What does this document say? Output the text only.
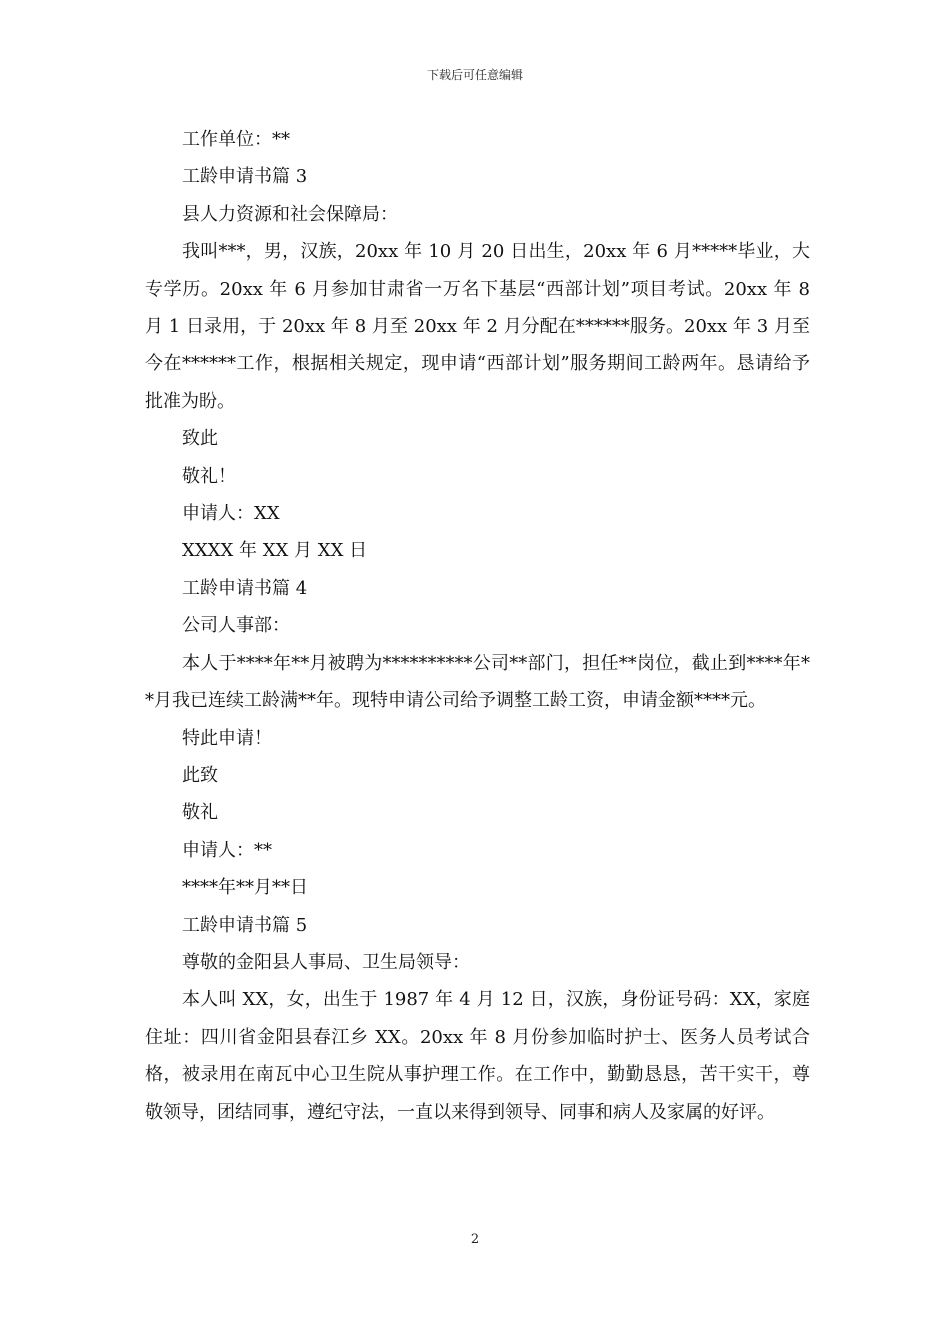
下载后可任意编辑
工作单位：**
工龄申请书篇 3
县人力资源和社会保障局：

我叫***，男，汉族，20xx 年 10 月 20 日出生，20xx 年 6 月*****毕业，大专学历。20xx 年 6 月参加甘肃省一万名下基层“西部计划”项目考试。20xx 年 8 月 1 日录用，于 20xx 年 8 月至 20xx 年 2 月分配在******服务。20xx 年 3 月至今在******工作，根据相关规定，现申请“西部计划”服务期间工龄两年。恳请给予批准为盼。

致此
敬礼！
申请人：XX
XXXX 年 XX 月 XX 日
工龄申请书篇 4
公司人事部：

本人于****年**月被聘为**********公司**部门，担任**岗位，截止到****年**月我已连续工龄满**年。现特申请公司给予调整工龄工资，申请金额****元。

特此申请！
此致
敬礼
申请人：**
****年**月**日
工龄申请书篇 5
尊敬的金阳县人事局、卫生局领导：

本人叫 XX，女，出生于 1987 年 4 月 12 日，汉族，身份证号码：XX，家庭住址：四川省金阳县春江乡 XX。20xx 年 8 月份参加临时护士、医务人员考试合格，被录用在南瓦中心卫生院从事护理工作。在工作中，勤勤恳恳，苦干实干，尊敬领导，团结同事，遵纪守法，一直以来得到领导、同事和病人及家属的好评。

2
